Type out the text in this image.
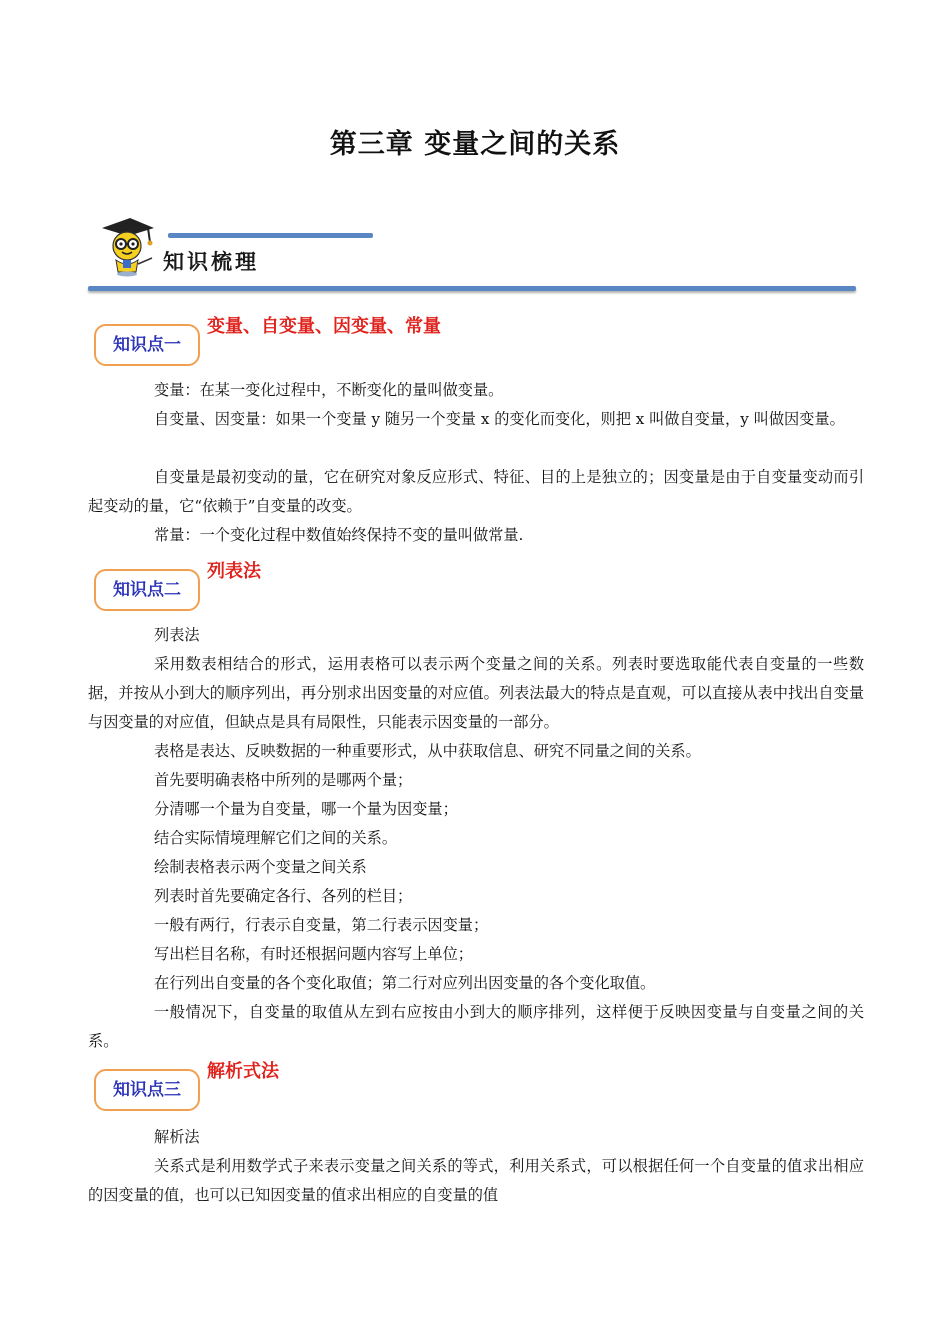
第三章 变量之间的关系
知识梳理
知识点一
变量、自变量、因变量、常量

变量：在某一变化过程中，不断变化的量叫做变量。

自变量、因变量：如果一个变量 y 随另一个变量 x 的变化而变化，则把 x 叫做自变量，y 叫做因变量。

自变量是最初变动的量，它在研究对象反应形式、特征、目的上是独立的；因变量是由于自变量变动而引起变动的量，它“依赖于”自变量的改变。

常量：一个变化过程中数值始终保持不变的量叫做常量.

知识点二
列表法

列表法

采用数表相结合的形式，运用表格可以表示两个变量之间的关系。列表时要选取能代表自变量的一些数据，并按从小到大的顺序列出，再分别求出因变量的对应值。列表法最大的特点是直观，可以直接从表中找出自变量与因变量的对应值，但缺点是具有局限性，只能表示因变量的一部分。

表格是表达、反映数据的一种重要形式，从中获取信息、研究不同量之间的关系。

首先要明确表格中所列的是哪两个量；

分清哪一个量为自变量，哪一个量为因变量；

结合实际情境理解它们之间的关系。

绘制表格表示两个变量之间关系

列表时首先要确定各行、各列的栏目；

一般有两行，行表示自变量，第二行表示因变量；

写出栏目名称，有时还根据问题内容写上单位；

在行列出自变量的各个变化取值；第二行对应列出因变量的各个变化取值。

一般情况下，自变量的取值从左到右应按由小到大的顺序排列，这样便于反映因变量与自变量之间的关系。

知识点三
解析式法

解析法

关系式是利用数学式子来表示变量之间关系的等式，利用关系式，可以根据任何一个自变量的值求出相应的因变量的值，也可以已知因变量的值求出相应的自变量的值
